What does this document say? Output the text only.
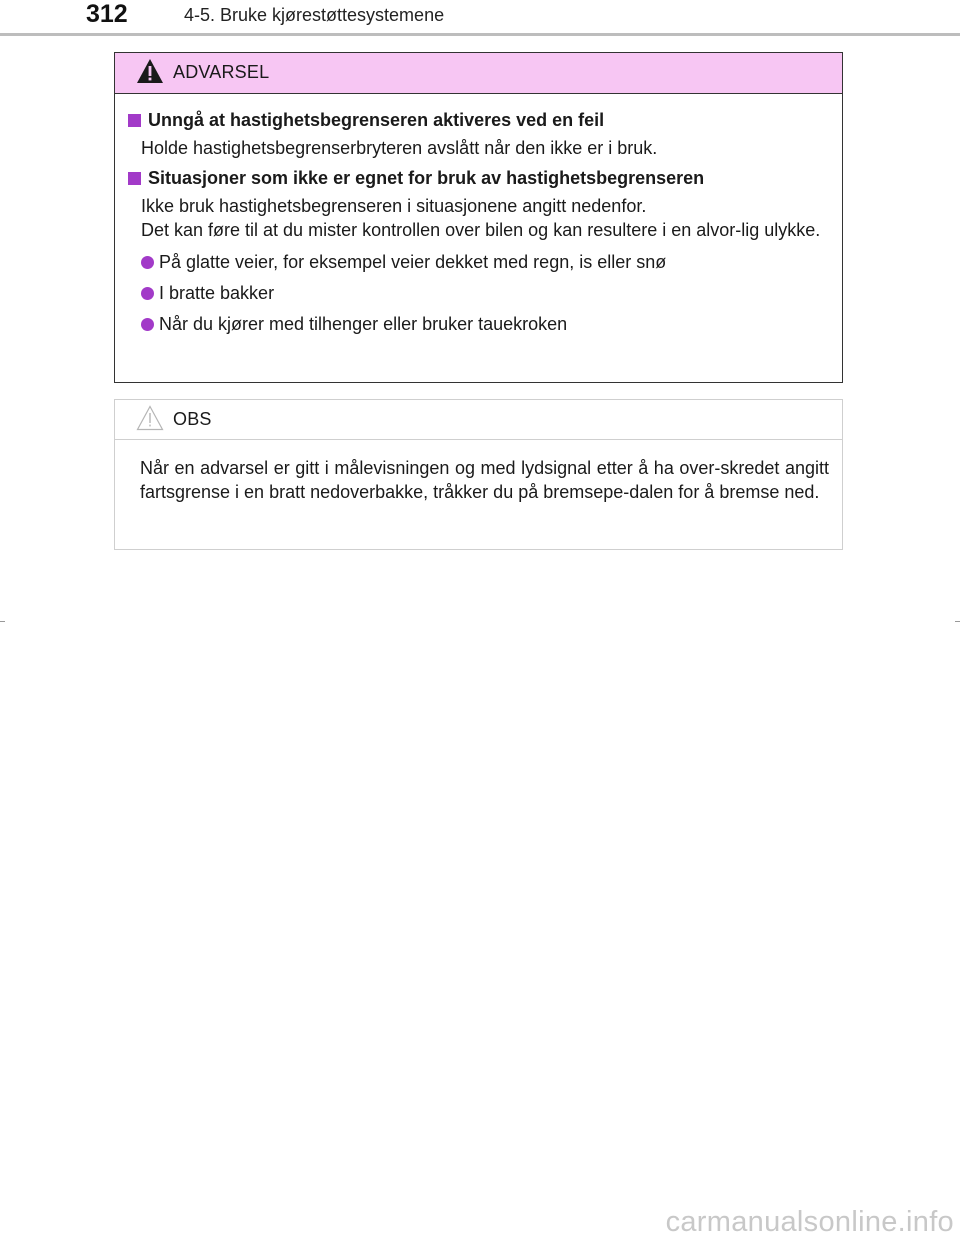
312	4-5. Bruke kjørestøttesystemene
ADVARSEL
Unngå at hastighetsbegrenseren aktiveres ved en feil
Holde hastighetsbegrenserbryteren avslått når den ikke er i bruk.
Situasjoner som ikke er egnet for bruk av hastighetsbegrenseren
Ikke bruk hastighetsbegrenseren i situasjonene angitt nedenfor.
Det kan føre til at du mister kontrollen over bilen og kan resultere i en alvor-lig ulykke.
På glatte veier, for eksempel veier dekket med regn, is eller snø
I bratte bakker
Når du kjører med tilhenger eller bruker tauekroken
OBS
Når en advarsel er gitt i målevisningen og med lydsignal etter å ha over-skredet angitt fartsgrense i en bratt nedoverbakke, tråkker du på bremsepe-dalen for å bremse ned.
carmanualsonline.info
